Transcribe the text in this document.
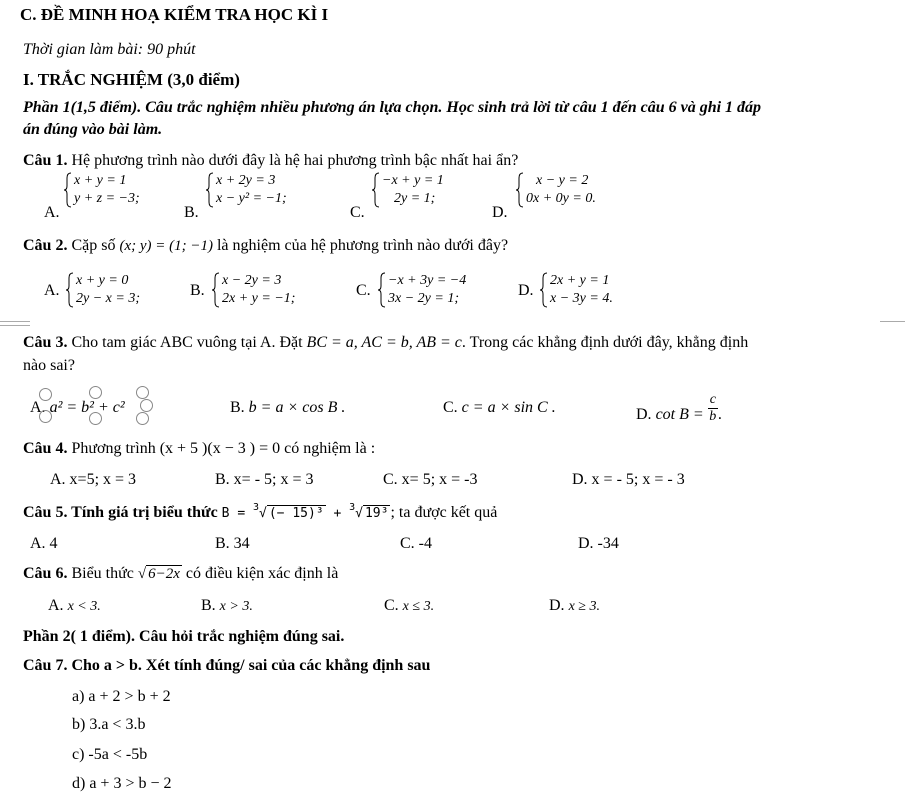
C. ĐỀ MINH HOẠ KIỂM TRA HỌC KÌ I
Thời gian làm bài: 90 phút
I. TRẮC NGHIỆM (3,0 điểm)
Phần 1(1,5 điểm). Câu trắc nghiệm nhiều phương án lựa chọn. Học sinh trả lời từ câu 1 đến câu 6 và ghi 1 đáp
án đúng vào bài làm.
Câu 1. Hệ phương trình nào dưới đây là hệ hai phương trình bậc nhất hai ẩn?
A.
x + y = 1
y + z = −3;
B.
x + 2y = 3
x − y² = −1;
C.
−x + y = 1
2y = 1;
D.
x − y = 2
0x + 0y = 0.
Câu 2. Cặp số (x; y) = (1; −1) là nghiệm của hệ phương trình nào dưới đây?
A.
x + y = 0
2y − x = 3;	B.
x − 2y = 3
2x + y = −1;	C.
−x + 3y = −4
3x − 2y = 1;	D.
2x + y = 1
x − 3y = 4.
Câu 3. Cho tam giác ABC vuông tại A. Đặt BC = a, AC = b, AB = c. Trong các khẳng định dưới đây, khẳng định
nào sai?
A. a² = b² + c²	B. b = a × cos B .	C. c = a × sin C .	D. $\cot B = \frac{c}{b}$ .
Câu 4. Phương trình (x + 5 )(x − 3 ) = 0 có nghiệm là :
A. x=5; x = 3	B. x= - 5; x = 3	C. x= 5; x = -3	D. x = - 5; x = - 3
Câu 5. Tính giá trị biểu thức B = $^3$√ (− 15)³ + $^3$√ 19³ ; ta được kết quả
A. 4	B. 34	C. -4	D. -34
Câu 6. Biểu thức √ 6−2x có điều kiện xác định là
A. x < 3.	B. x > 3.	C. x ≤ 3.	D. x ≥ 3.
Phần 2( 1 điểm). Câu hỏi trắc nghiệm đúng sai.
Câu 7. Cho a > b. Xét tính đúng/ sai của các khẳng định sau
a) a + 2 > b + 2
b) 3.a < 3.b
c) -5a < -5b
d) a + 3 > b − 2
